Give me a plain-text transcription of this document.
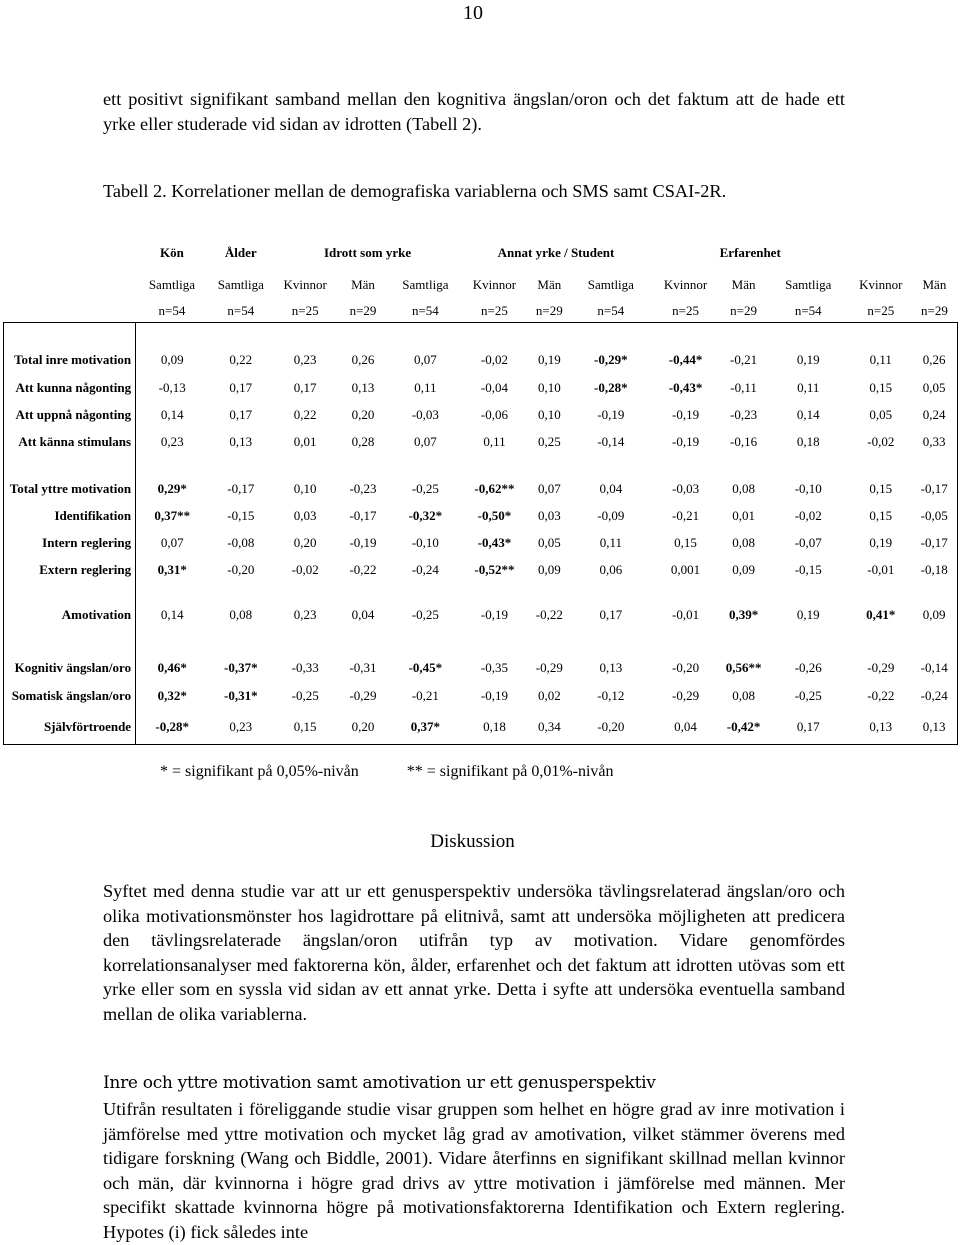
10
ett positivt signifikant samband mellan den kognitiva ängslan/oron och det faktum att de hade ett yrke eller studerade vid sidan av idrotten (Tabell 2).
Tabell 2. Korrelationer mellan de demografiska variablerna och SMS samt CSAI-2R.
	Kön	Ålder	Idrott som yrke			Annat yrke / Student			Erfarenhet				
	Samtliga	Samtliga	Kvinnor	Män	Samtliga	Kvinnor	Män	Samtliga	Kvinnor	Män	Samtliga	Kvinnor	Män
	n=54	n=54	n=25	n=29	n=54	n=25	n=29	n=54	n=25	n=29	n=54	n=25	n=29

Total inre motivation	0,09	0,22	0,23	0,26	0,07	-0,02	0,19	-0,29*	-0,44*	-0,21	0,19	0,11	0,26
Att kunna någonting	-0,13	0,17	0,17	0,13	0,11	-0,04	0,10	-0,28*	-0,43*	-0,11	0,11	0,15	0,05
Att uppnå någonting	0,14	0,17	0,22	0,20	-0,03	-0,06	0,10	-0,19	-0,19	-0,23	0,14	0,05	0,24
Att känna stimulans	0,23	0,13	0,01	0,28	0,07	0,11	0,25	-0,14	-0,19	-0,16	0,18	-0,02	0,33

Total yttre motivation	0,29*	-0,17	0,10	-0,23	-0,25	-0,62**	0,07	0,04	-0,03	0,08	-0,10	0,15	-0,17
Identifikation	0,37**	-0,15	0,03	-0,17	-0,32*	-0,50*	0,03	-0,09	-0,21	0,01	-0,02	0,15	-0,05
Intern reglering	0,07	-0,08	0,20	-0,19	-0,10	-0,43*	0,05	0,11	0,15	0,08	-0,07	0,19	-0,17
Extern reglering	0,31*	-0,20	-0,02	-0,22	-0,24	-0,52**	0,09	0,06	0,001	0,09	-0,15	-0,01	-0,18

Amotivation	0,14	0,08	0,23	0,04	-0,25	-0,19	-0,22	0,17	-0,01	0,39*	0,19	0,41*	0,09

Kognitiv ängslan/oro	0,46*	-0,37*	-0,33	-0,31	-0,45*	-0,35	-0,29	0,13	-0,20	0,56**	-0,26	-0,29	-0,14
Somatisk ängslan/oro	0,32*	-0,31*	-0,25	-0,29	-0,21	-0,19	0,02	-0,12	-0,29	0,08	-0,25	-0,22	-0,24
Självförtroende	-0,28*	0,23	0,15	0,20	0,37*	0,18	0,34	-0,20	0,04	-0,42*	0,17	0,13	0,13

* = signifikant på 0,05%-nivån	** = signifikant på 0,01%-nivån
Diskussion
Syftet med denna studie var att ur ett genusperspektiv undersöka tävlingsrelaterad ängslan/oro och olika motivationsmönster hos lagidrottare på elitnivå, samt att undersöka möjligheten att predicera den tävlingsrelaterade ängslan/oron utifrån typ av motivation. Vidare genomfördes korrelationsanalyser med faktorerna kön, ålder, erfarenhet och det faktum att idrotten utövas som ett yrke eller som en syssla vid sidan av ett annat yrke. Detta i syfte att undersöka eventuella samband mellan de olika variablerna.
Inre och yttre motivation samt amotivation ur ett genusperspektiv
Utifrån resultaten i föreliggande studie visar gruppen som helhet en högre grad av inre motivation i jämförelse med yttre motivation och mycket låg grad av amotivation, vilket stämmer överens med tidigare forskning (Wang och Biddle, 2001). Vidare återfinns en signifikant skillnad mellan kvinnor och män, där kvinnorna i högre grad drivs av yttre motivation i jämförelse med männen. Mer specifikt skattade kvinnorna högre på motivationsfaktorerna Identifikation och Extern reglering. Hypotes (i) fick således inte
